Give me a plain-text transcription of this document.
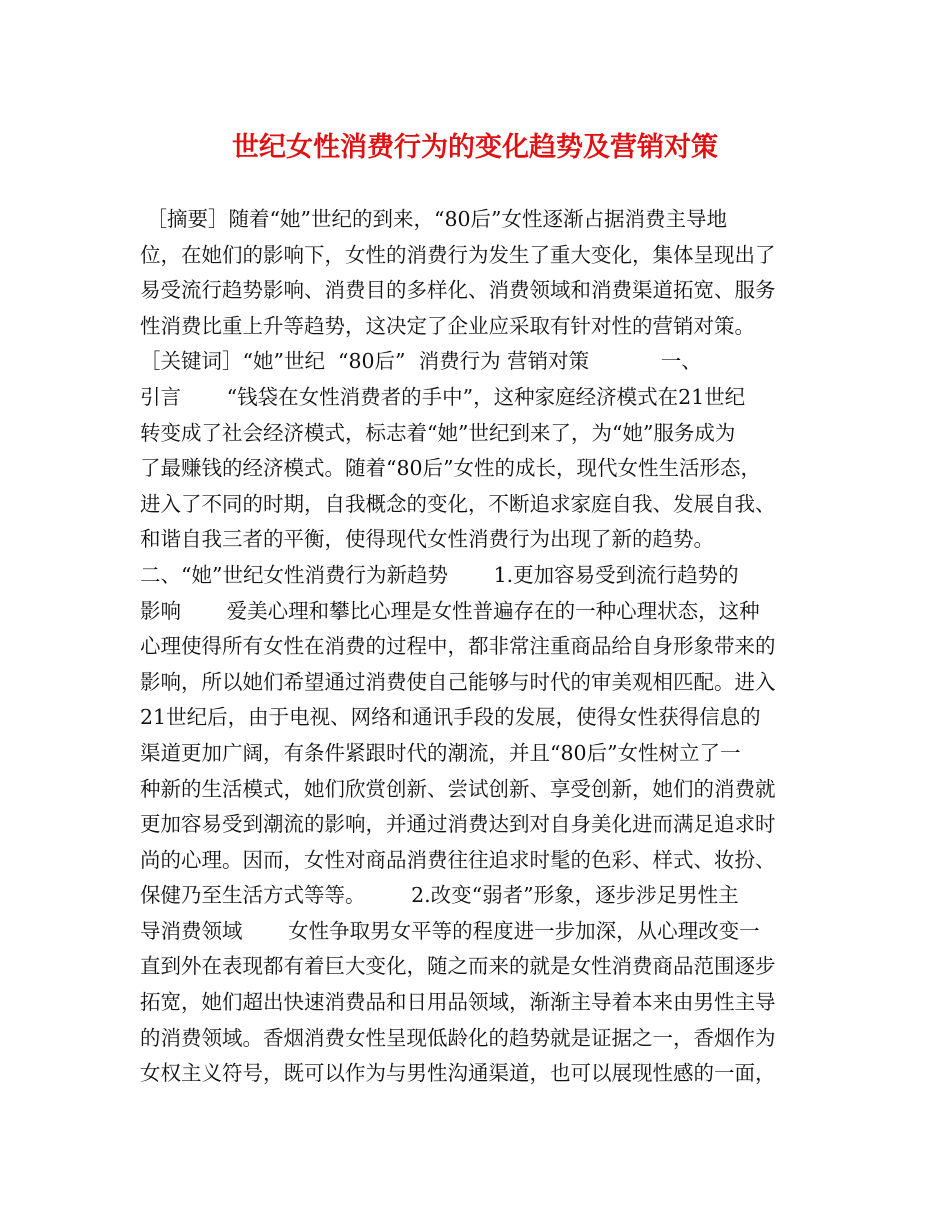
世纪女性消费行为的变化趋势及营销对策
［摘要］随着“她”世纪的到来，“80后”女性逐渐占据消费主导地
位，在她们的影响下，女性的消费行为发生了重大变化，集体呈现出了
易受流行趋势影响、消费目的多样化、消费领域和消费渠道拓宽、服务
性消费比重上升等趋势，这决定了企业应采取有针对性的营销对策。
［关键词］“她”世纪  “80后”  消费行为 营销对策           一、
引言       “钱袋在女性消费者的手中”，这种家庭经济模式在21世纪
转变成了社会经济模式，标志着“她”世纪到来了，为“她”服务成为
了最赚钱的经济模式。随着“80后”女性的成长，现代女性生活形态，
进入了不同的时期，自我概念的变化，不断追求家庭自我、发展自我、
和谐自我三者的平衡，使得现代女性消费行为出现了新的趋势。
二、“她”世纪女性消费行为新趋势       1.更加容易受到流行趋势的
影响       爱美心理和攀比心理是女性普遍存在的一种心理状态，这种
心理使得所有女性在消费的过程中，都非常注重商品给自身形象带来的
影响，所以她们希望通过消费使自己能够与时代的审美观相匹配。进入
21世纪后，由于电视、网络和通讯手段的发展，使得女性获得信息的
渠道更加广阔，有条件紧跟时代的潮流，并且“80后”女性树立了一
种新的生活模式，她们欣赏创新、尝试创新、享受创新，她们的消费就
更加容易受到潮流的影响，并通过消费达到对自身美化进而满足追求时
尚的心理。因而，女性对商品消费往往追求时髦的色彩、样式、妆扮、
保健乃至生活方式等等。       2.改变“弱者”形象，逐步涉足男性主
导消费领域       女性争取男女平等的程度进一步加深，从心理改变一
直到外在表现都有着巨大变化，随之而来的就是女性消费商品范围逐步
拓宽，她们超出快速消费品和日用品领域，渐渐主导着本来由男性主导
的消费领域。香烟消费女性呈现低龄化的趋势就是证据之一，香烟作为
女权主义符号，既可以作为与男性沟通渠道，也可以展现性感的一面，
